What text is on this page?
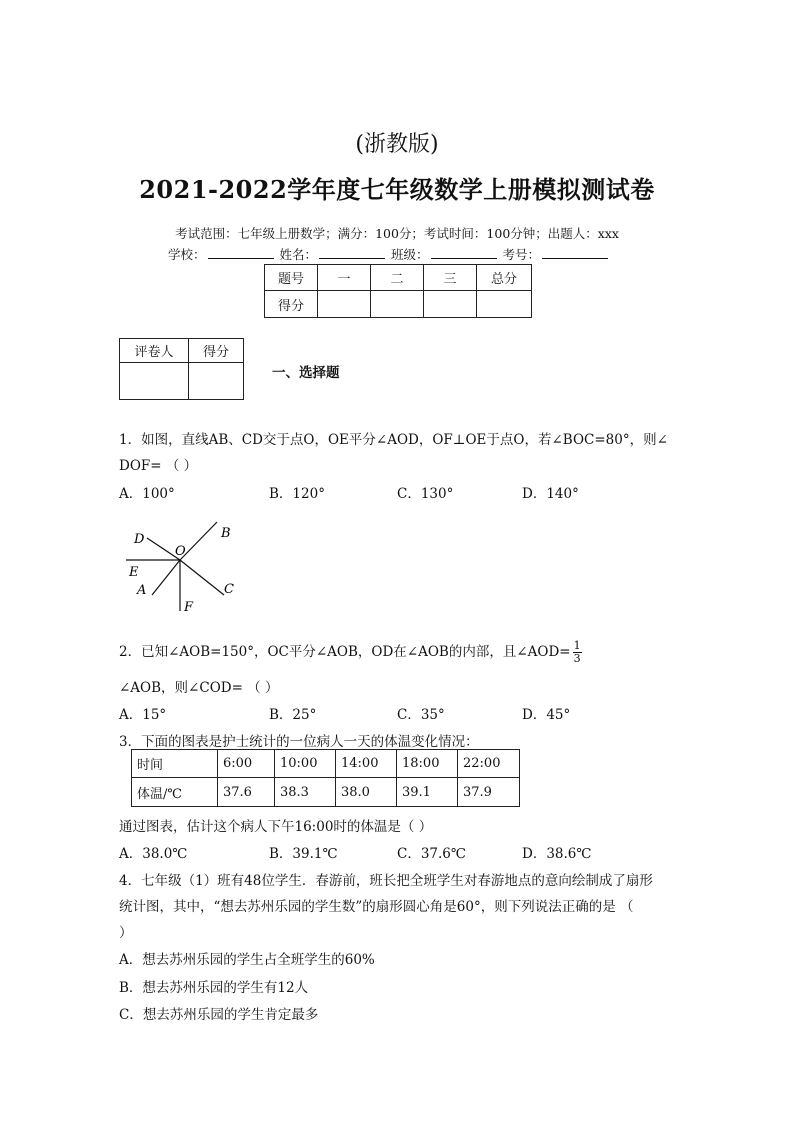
(浙教版)
2021-2022学年度七年级数学上册模拟测试卷
考试范围：七年级上册数学；满分：100分；考试时间：100分钟；出题人：xxx
学校：	姓名：	班级：	考号：
题号	一	二	三	总分
得分				
评卷人	得分

一、选择题
1．如图，直线AB、CD交于点O，OE平分∠AOD，OF⊥OE于点O，若∠BOC=80°，则∠
DOF= （ ）
A．100°	B．120°	C．130°	D．140°
D	B
O
E
A	C
F
2．已知∠AOB=150°，OC平分∠AOB，OD在∠AOB的内部，且∠AOD= $\frac{1}{3}$
∠AOB，则∠COD= （ ）
A．15°	B．25°	C．35°	D．45°
3．下面的图表是护士统计的一位病人一天的体温变化情况：
时间	6:00	10:00	14:00	18:00	22:00
体温/℃	37.6	38.3	38.0	39.1	37.9
通过图表，估计这个病人下午16:00时的体温是（ ）
A．38.0℃	B．39.1℃	C．37.6℃	D．38.6℃
4．七年级（1）班有48位学生．春游前，班长把全班学生对春游地点的意向绘制成了扇形
统计图，其中，“想去苏州乐园的学生数”的扇形圆心角是60°，则下列说法正确的是 （
）
A．想去苏州乐园的学生占全班学生的60%
B．想去苏州乐园的学生有12人
C．想去苏州乐园的学生肯定最多
